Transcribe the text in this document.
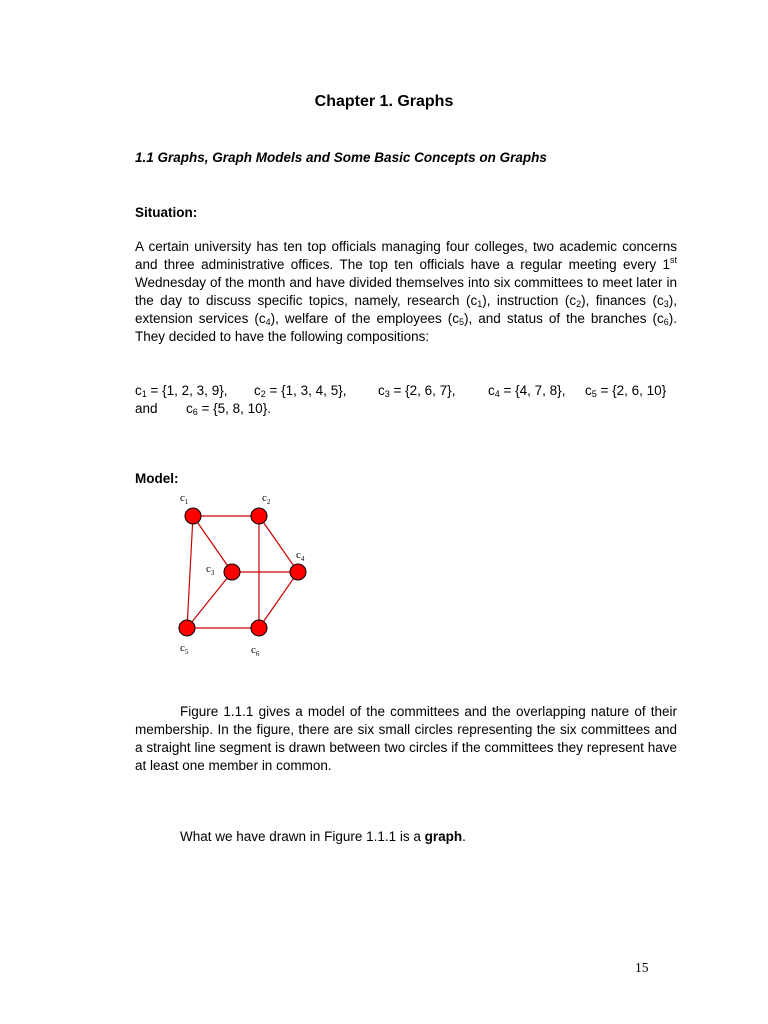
Chapter 1. Graphs
1.1 Graphs, Graph Models and Some Basic Concepts on Graphs
Situation:
A certain university has ten top officials managing four colleges, two academic concerns and three administrative offices. The top ten officials have a regular meeting every 1st Wednesday of the month and have divided themselves into six committees to meet later in the day to discuss specific topics, namely, research $(c_1)$, instruction $(c_2)$, finances $(c_3)$, extension services $(c_4)$, welfare of the employees $(c_5)$, and status of the branches $(c_6)$. They decided to have the following compositions:
$c_1 = \{1$, 2, 3, 9}, $c_2 = \{1$, 3, 4, 5}, $c_3 = \{2$, 6, 7}, $c_4 = \{4$, 7, 8}, $c_5 = \{2$, 6, 10}
and $c_6 = \{5$, 8, 10}.
Model:
$c_1$	$c_2$
$c_3$
$c_4$
$c_5$	$c_6$
Figure 1.1.1 gives a model of the committees and the overlapping nature of their membership. In the figure, there are six small circles representing the six committees and a straight line segment is drawn between two circles if the committees they represent have at least one member in common.
What we have drawn in Figure 1.1.1 is a graph.
15
